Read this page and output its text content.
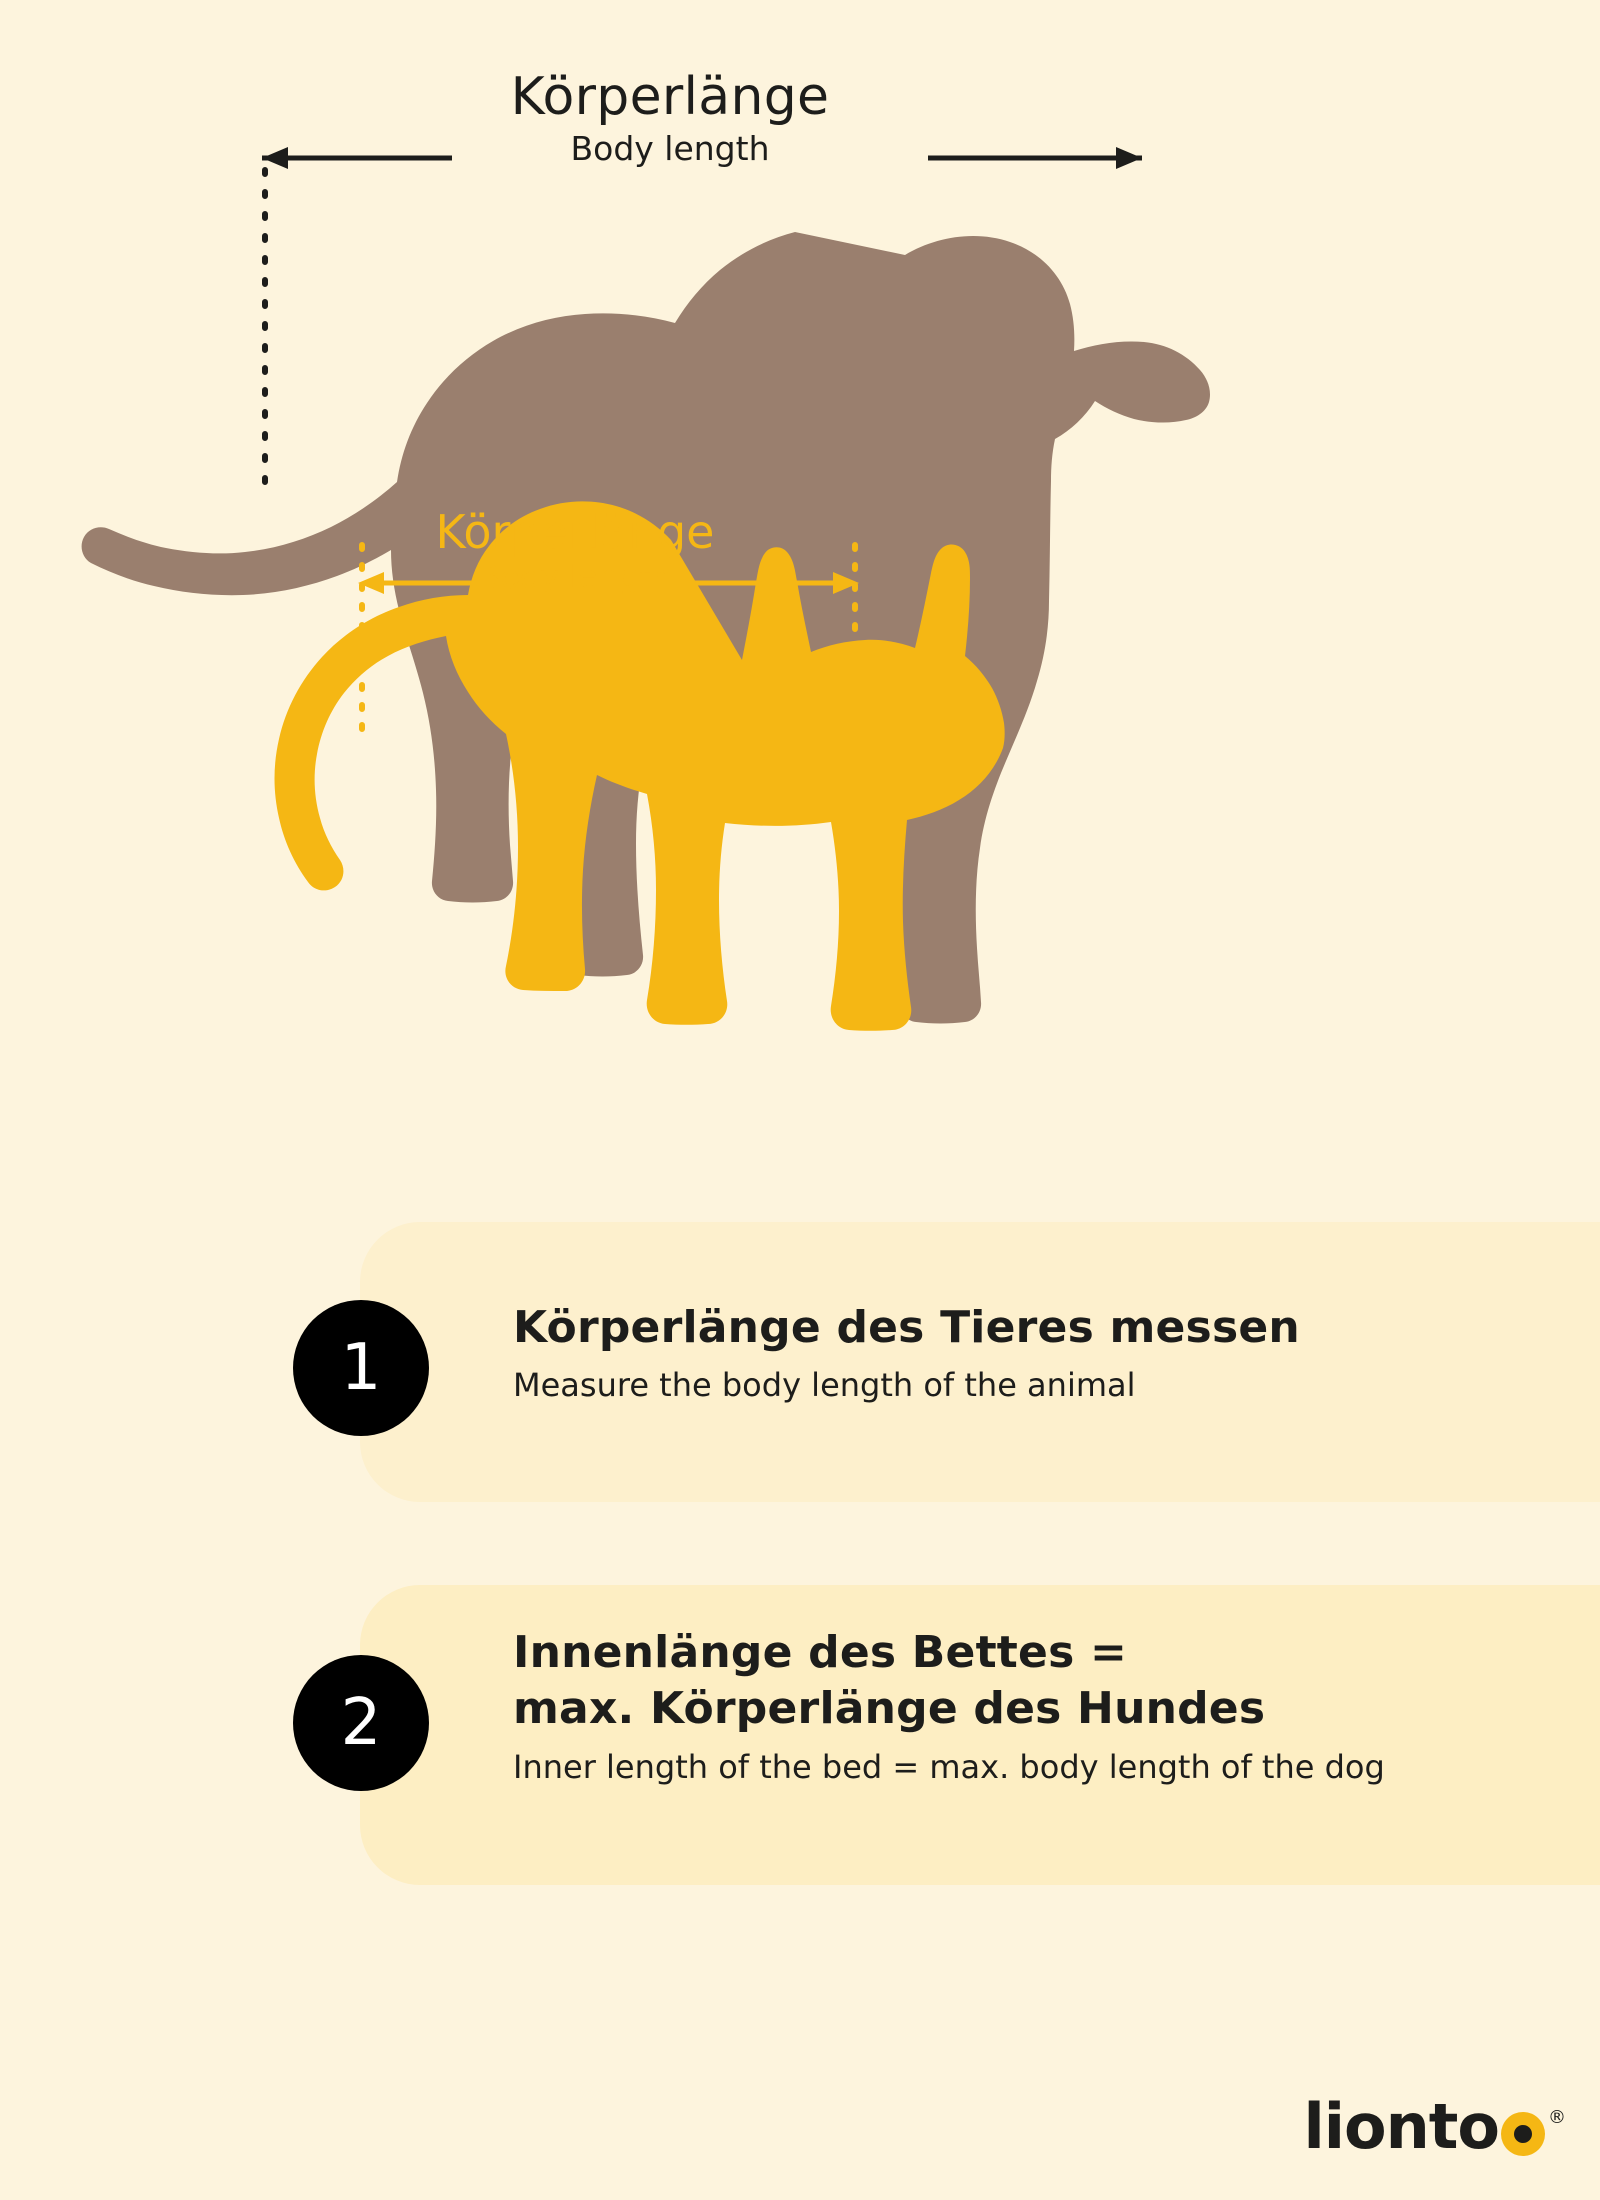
Körperlänge
Body length
Körperlänge
Body length
1
Körperlänge des Tieres messen
Measure the body length of the animal
2
Innenlänge des Bettes =
max. Körperlänge des Hundes
Inner length of the bed = max. body length of the dog
lionto	®
